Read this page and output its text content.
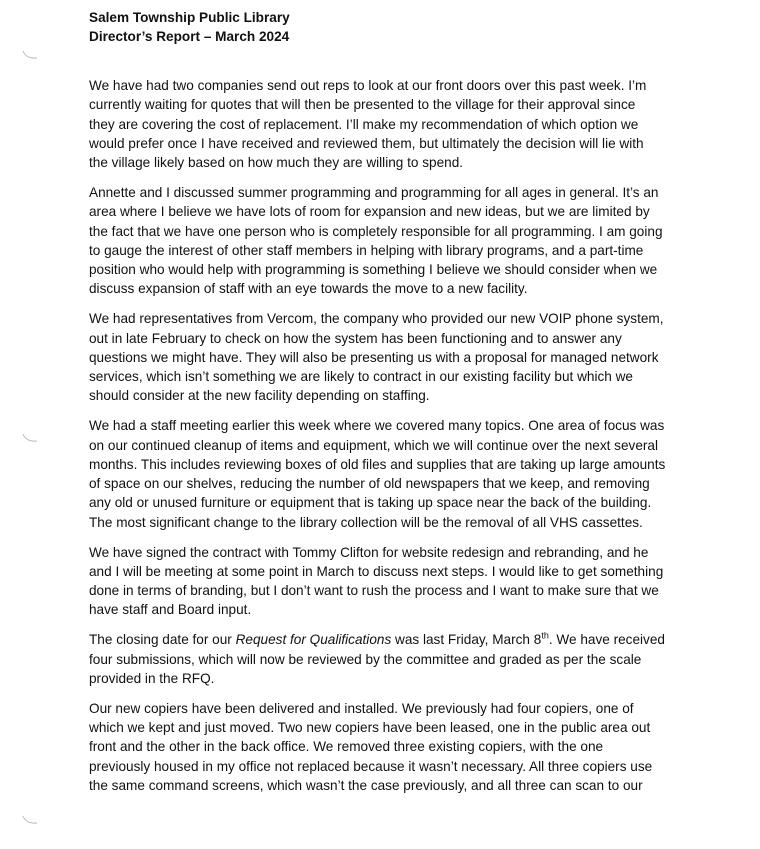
Salem Township Public Library
Director’s Report – March 2024
We have had two companies send out reps to look at our front doors over this past week. I’m
currently waiting for quotes that will then be presented to the village for their approval since
they are covering the cost of replacement. I’ll make my recommendation of which option we
would prefer once I have received and reviewed them, but ultimately the decision will lie with
the village likely based on how much they are willing to spend.
Annette and I discussed summer programming and programming for all ages in general. It’s an
area where I believe we have lots of room for expansion and new ideas, but we are limited by
the fact that we have one person who is completely responsible for all programming. I am going
to gauge the interest of other staff members in helping with library programs, and a part-time
position who would help with programming is something I believe we should consider when we
discuss expansion of staff with an eye towards the move to a new facility.
We had representatives from Vercom, the company who provided our new VOIP phone system,
out in late February to check on how the system has been functioning and to answer any
questions we might have. They will also be presenting us with a proposal for managed network
services, which isn’t something we are likely to contract in our existing facility but which we
should consider at the new facility depending on staffing.
We had a staff meeting earlier this week where we covered many topics. One area of focus was
on our continued cleanup of items and equipment, which we will continue over the next several
months. This includes reviewing boxes of old files and supplies that are taking up large amounts
of space on our shelves, reducing the number of old newspapers that we keep, and removing
any old or unused furniture or equipment that is taking up space near the back of the building.
The most significant change to the library collection will be the removal of all VHS cassettes.
We have signed the contract with Tommy Clifton for website redesign and rebranding, and he
and I will be meeting at some point in March to discuss next steps. I would like to get something
done in terms of branding, but I don’t want to rush the process and I want to make sure that we
have staff and Board input.
The closing date for our Request for Qualifications was last Friday, March 8th. We have received
four submissions, which will now be reviewed by the committee and graded as per the scale
provided in the RFQ.
Our new copiers have been delivered and installed. We previously had four copiers, one of
which we kept and just moved. Two new copiers have been leased, one in the public area out
front and the other in the back office. We removed three existing copiers, with the one
previously housed in my office not replaced because it wasn’t necessary. All three copiers use
the same command screens, which wasn’t the case previously, and all three can scan to our
